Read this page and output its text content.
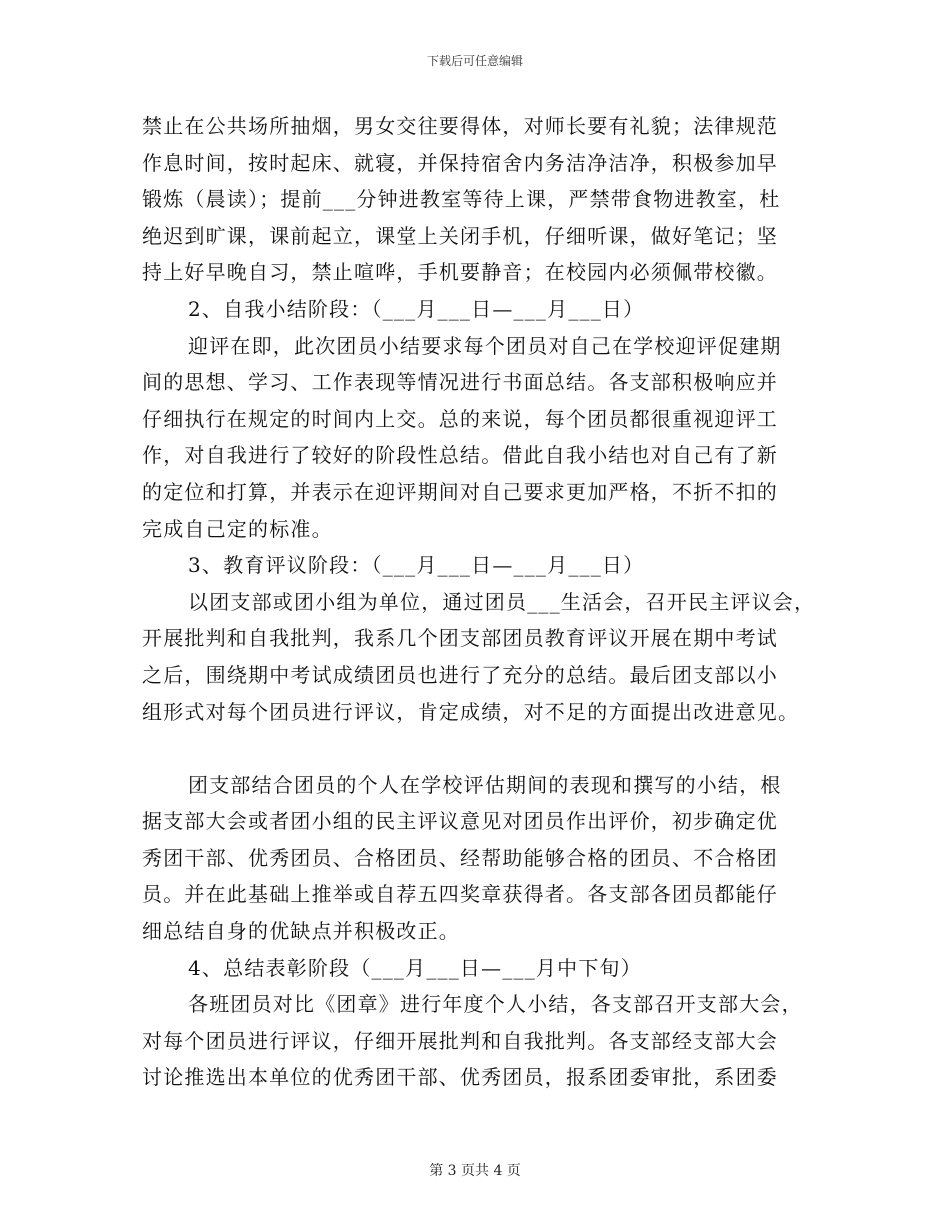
下载后可任意编辑
禁止在公共场所抽烟，男女交往要得体，对师长要有礼貌；法律规范
作息时间，按时起床、就寝，并保持宿舍内务洁净洁净，积极参加早
锻炼（晨读）；提前___分钟进教室等待上课，严禁带食物进教室，杜
绝迟到旷课，课前起立，课堂上关闭手机，仔细听课，做好笔记；坚
持上好早晚自习，禁止喧哗，手机要静音；在校园内必须佩带校徽。
2、自我小结阶段：（___月___日—___月___日）
迎评在即，此次团员小结要求每个团员对自己在学校迎评促建期
间的思想、学习、工作表现等情况进行书面总结。各支部积极响应并
仔细执行在规定的时间内上交。总的来说，每个团员都很重视迎评工
作，对自我进行了较好的阶段性总结。借此自我小结也对自己有了新
的定位和打算，并表示在迎评期间对自己要求更加严格，不折不扣的
完成自己定的标准。
3、教育评议阶段：（___月___日—___月___日）
以团支部或团小组为单位，通过团员___生活会，召开民主评议会，
开展批判和自我批判，我系几个团支部团员教育评议开展在期中考试
之后，围绕期中考试成绩团员也进行了充分的总结。最后团支部以小
组形式对每个团员进行评议，肯定成绩，对不足的方面提出改进意见。
团支部结合团员的个人在学校评估期间的表现和撰写的小结，根
据支部大会或者团小组的民主评议意见对团员作出评价，初步确定优
秀团干部、优秀团员、合格团员、经帮助能够合格的团员、不合格团
员。并在此基础上推举或自荐五四奖章获得者。各支部各团员都能仔
细总结自身的优缺点并积极改正。
4、总结表彰阶段（___月___日—___月中下旬）
各班团员对比《团章》进行年度个人小结，各支部召开支部大会，
对每个团员进行评议，仔细开展批判和自我批判。各支部经支部大会
讨论推选出本单位的优秀团干部、优秀团员，报系团委审批，系团委
第 3 页共 4 页
